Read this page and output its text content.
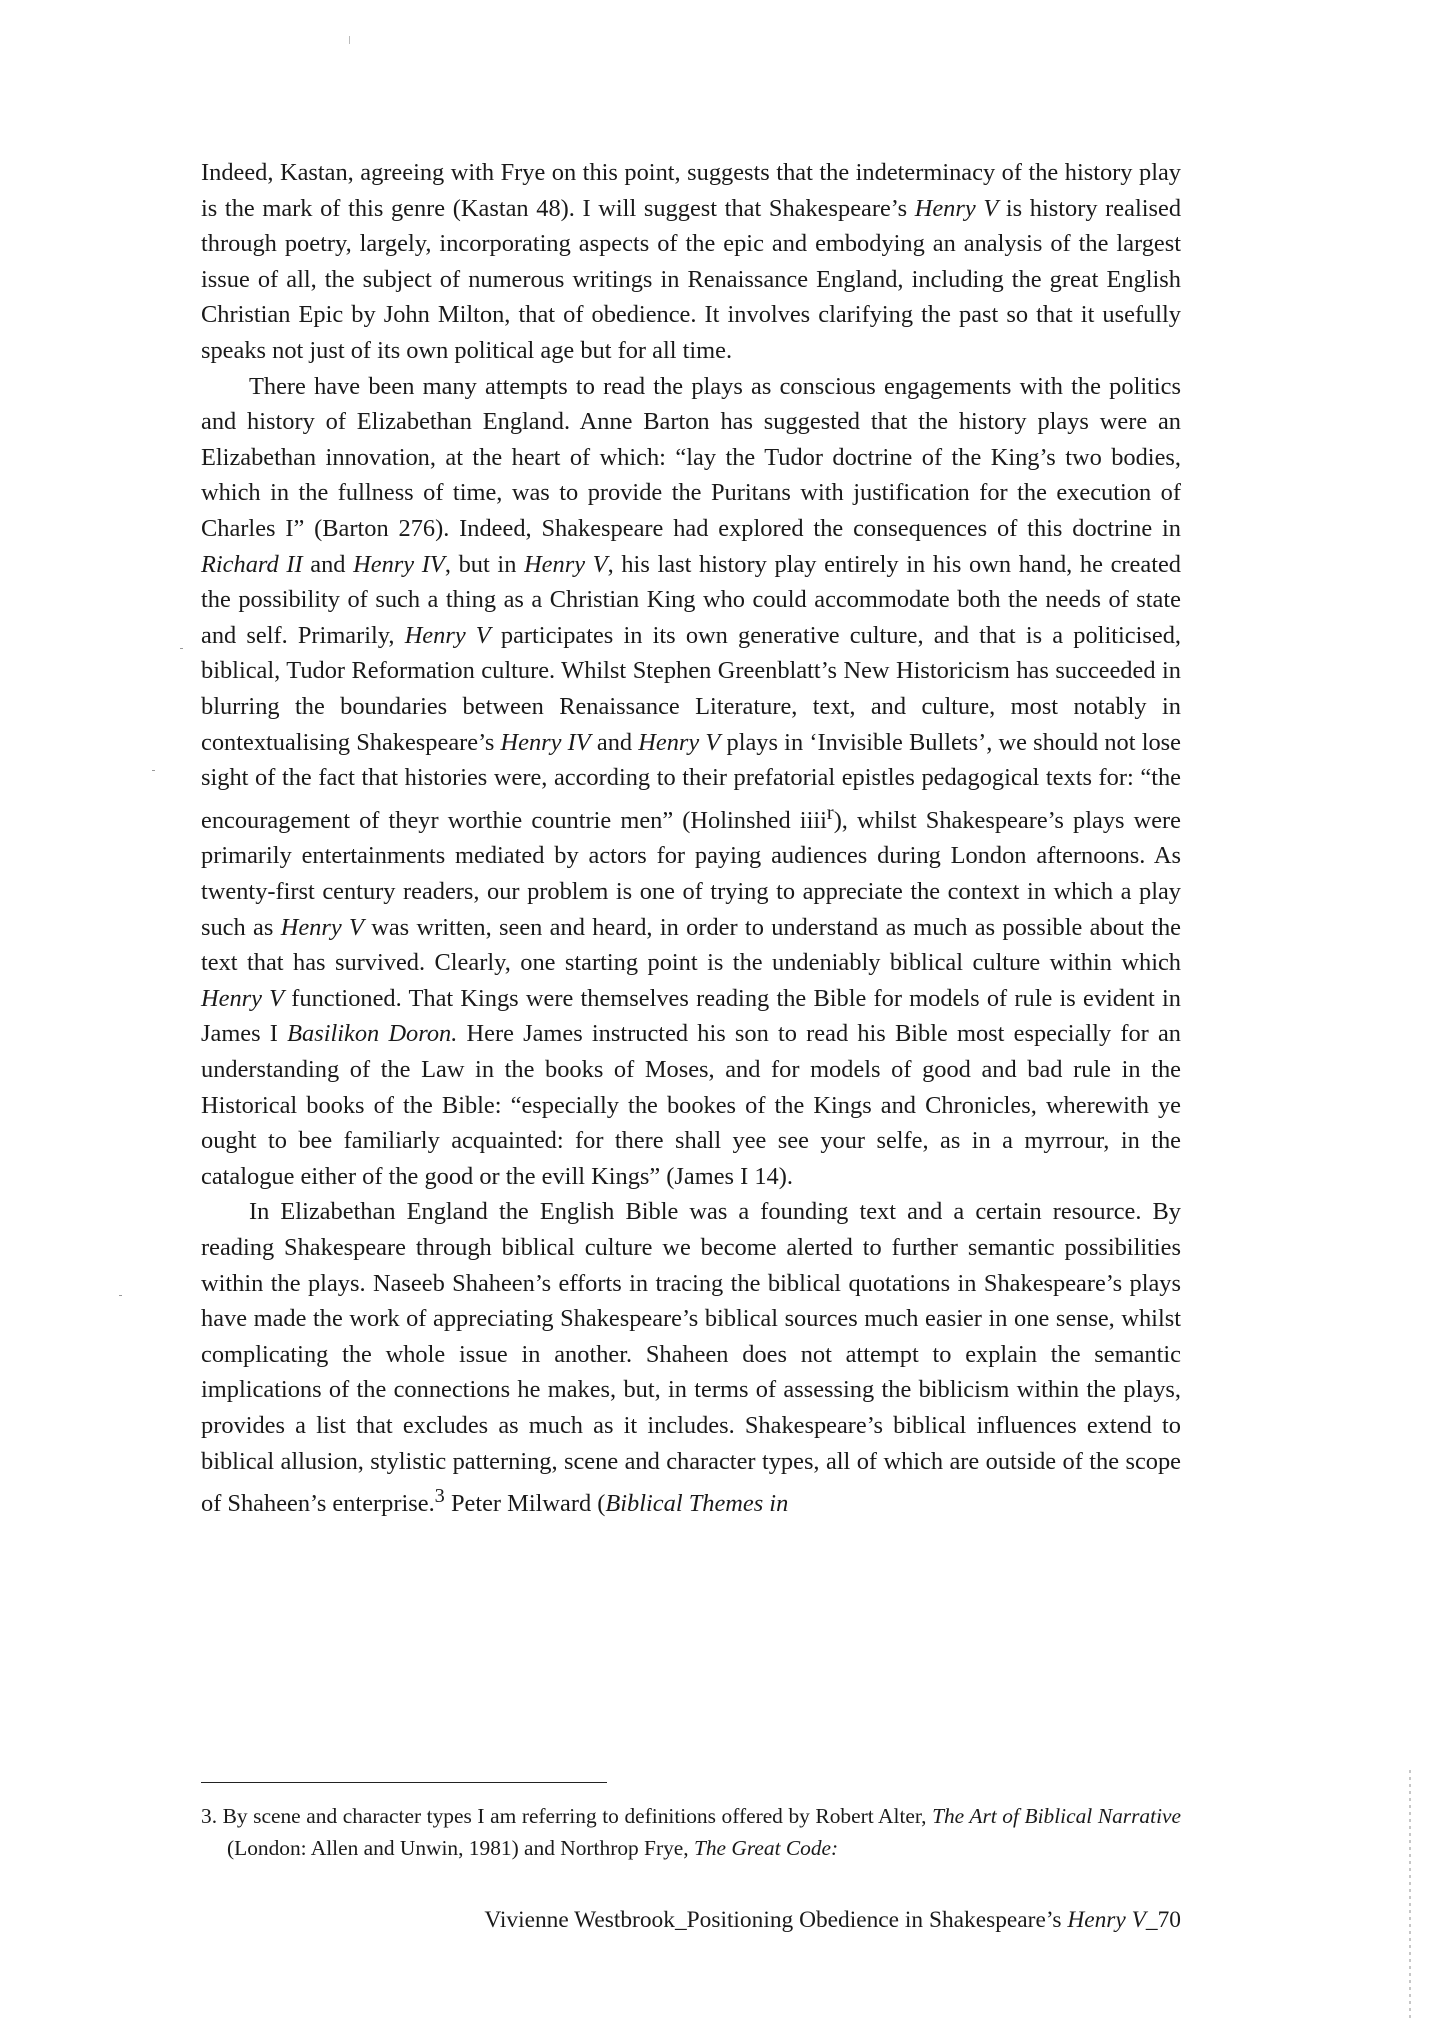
Indeed, Kastan, agreeing with Frye on this point, suggests that the indeterminacy of the history play is the mark of this genre (Kastan 48). I will suggest that Shakespeare’s Henry V is history realised through poetry, largely, incorporating aspects of the epic and embodying an analysis of the largest issue of all, the subject of numerous writings in Renaissance England, including the great English Christian Epic by John Milton, that of obedience. It involves clarifying the past so that it usefully speaks not just of its own political age but for all time.

There have been many attempts to read the plays as conscious engagements with the politics and history of Elizabethan England. Anne Barton has suggested that the history plays were an Elizabethan innovation, at the heart of which: “lay the Tudor doctrine of the King’s two bodies, which in the fullness of time, was to provide the Puritans with justification for the execution of Charles I” (Barton 276). Indeed, Shakespeare had explored the consequences of this doctrine in Richard II and Henry IV, but in Henry V, his last history play entirely in his own hand, he created the possibility of such a thing as a Christian King who could accommodate both the needs of state and self. Primarily, Henry V participates in its own generative culture, and that is a politicised, biblical, Tudor Reformation culture. Whilst Stephen Greenblatt’s New Historicism has succeeded in blurring the boundaries between Renaissance Literature, text, and culture, most notably in contextualising Shakespeare’s Henry IV and Henry V plays in ‘Invisible Bullets’, we should not lose sight of the fact that histories were, according to their prefatorial epistles pedagogical texts for: “the encouragement of theyr worthie countrie men” (Holinshed iiii$^r$), whilst Shakespeare’s plays were primarily entertainments mediated by actors for paying audiences during London afternoons. As twenty-first century readers, our problem is one of trying to appreciate the context in which a play such as Henry V was written, seen and heard, in order to understand as much as possible about the text that has survived. Clearly, one starting point is the undeniably biblical culture within which Henry V functioned. That Kings were themselves reading the Bible for models of rule is evident in James I Basilikon Doron. Here James instructed his son to read his Bible most especially for an understanding of the Law in the books of Moses, and for models of good and bad rule in the Historical books of the Bible: “especially the bookes of the Kings and Chronicles, wherewith ye ought to bee familiarly acquainted: for there shall yee see your selfe, as in a myrrour, in the catalogue either of the good or the evill Kings” (James I 14).

In Elizabethan England the English Bible was a founding text and a certain resource. By reading Shakespeare through biblical culture we become alerted to further semantic possibilities within the plays. Naseeb Shaheen’s efforts in tracing the biblical quotations in Shakespeare’s plays have made the work of appreciating Shakespeare’s biblical sources much easier in one sense, whilst complicating the whole issue in another. Shaheen does not attempt to explain the semantic implications of the connections he makes, but, in terms of assessing the biblicism within the plays, provides a list that excludes as much as it includes. Shakespeare’s biblical influences extend to biblical allusion, stylistic patterning, scene and character types, all of which are outside of the scope of Shaheen’s enterprise.$^3$ Peter Milward (Biblical Themes in

3. By scene and character types I am referring to definitions offered by Robert Alter, The Art of Biblical Narrative (London: Allen and Unwin, 1981) and Northrop Frye, The Great Code:
Vivienne Westbrook_Positioning Obedience in Shakespeare’s Henry V_70
